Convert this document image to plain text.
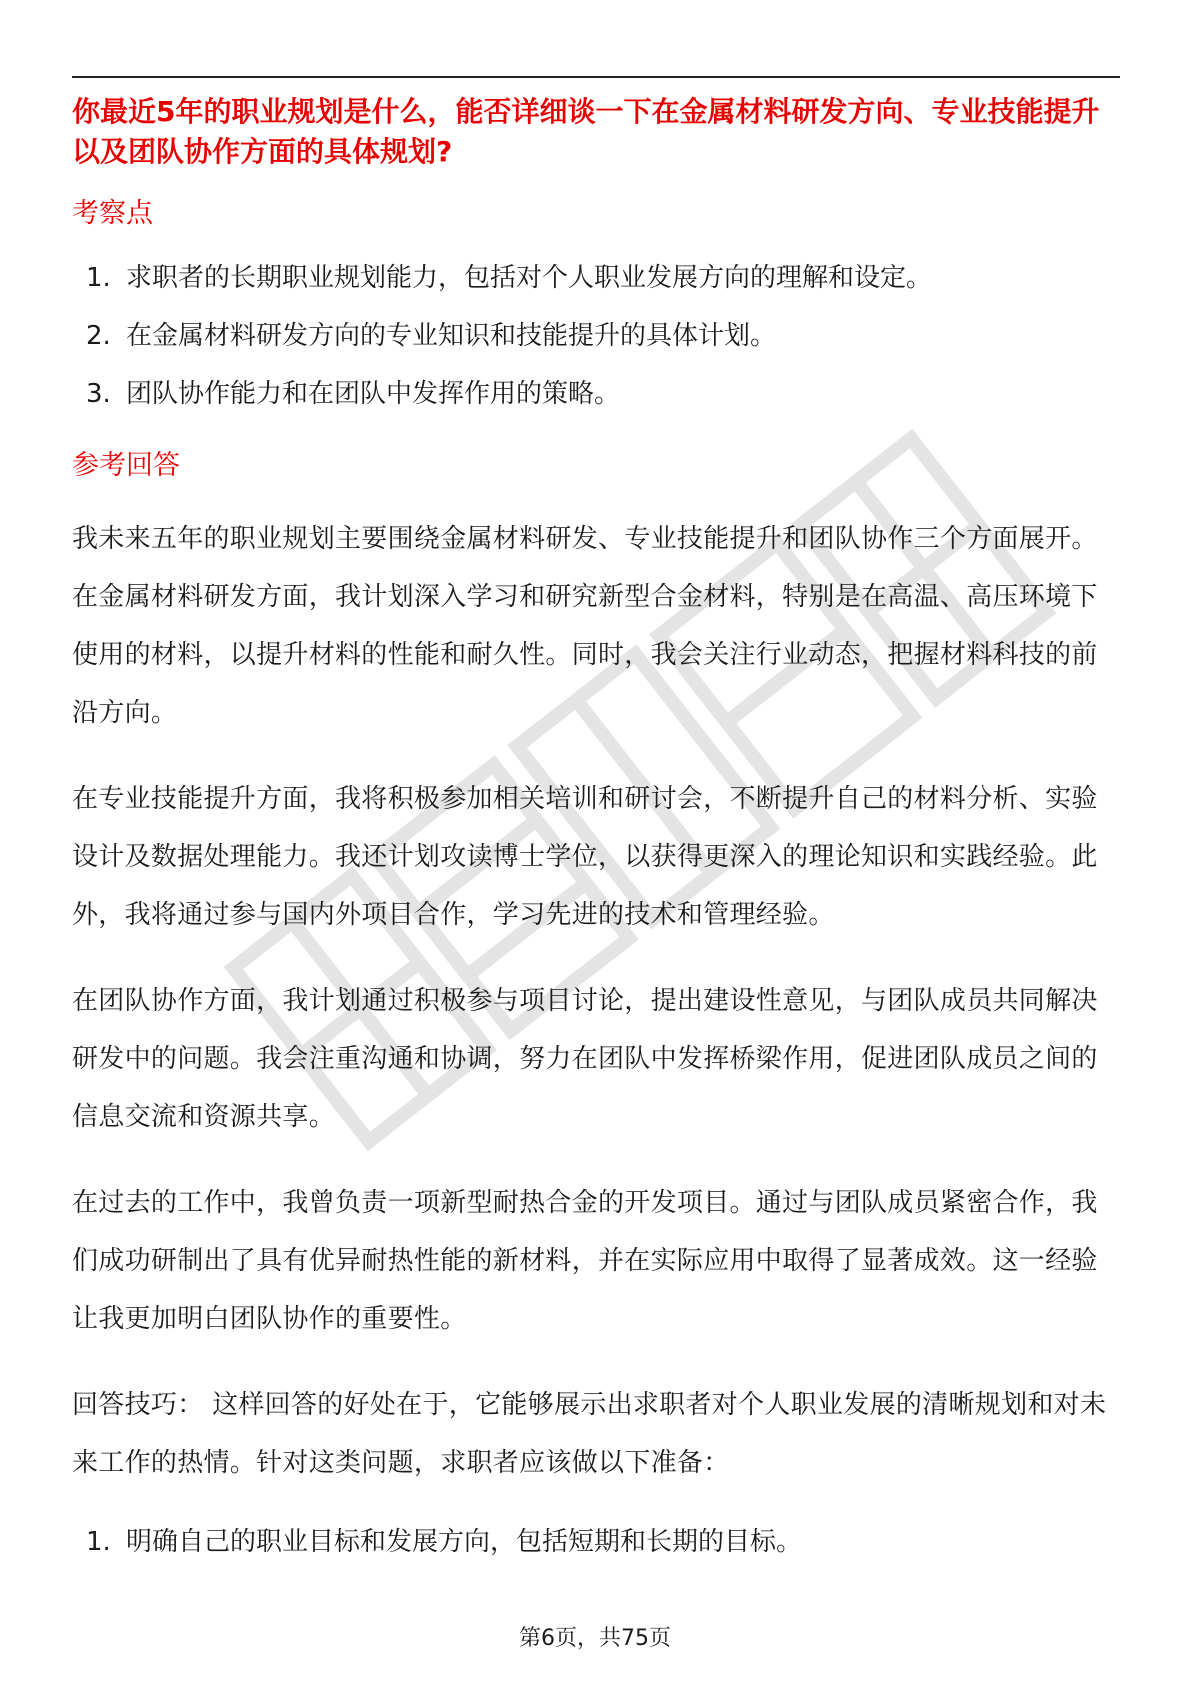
你最近5年的职业规划是什么，能否详细谈一下在金属材料研发方向、专业技能提升以及团队协作方面的具体规划?

考察点

1. 求职者的长期职业规划能力，包括对个人职业发展方向的理解和设定。
2. 在金属材料研发方向的专业知识和技能提升的具体计划。
3. 团队协作能力和在团队中发挥作用的策略。

参考回答

我未来五年的职业规划主要围绕金属材料研发、专业技能提升和团队协作三个方面展开。在金属材料研发方面，我计划深入学习和研究新型合金材料，特别是在高温、高压环境下使用的材料，以提升材料的性能和耐久性。同时，我会关注行业动态，把握材料科技的前沿方向。

在专业技能提升方面，我将积极参加相关培训和研讨会，不断提升自己的材料分析、实验设计及数据处理能力。我还计划攻读博士学位，以获得更深入的理论知识和实践经验。此外，我将通过参与国内外项目合作，学习先进的技术和管理经验。

在团队协作方面，我计划通过积极参与项目讨论，提出建设性意见，与团队成员共同解决研发中的问题。我会注重沟通和协调，努力在团队中发挥桥梁作用，促进团队成员之间的信息交流和资源共享。

在过去的工作中，我曾负责一项新型耐热合金的开发项目。通过与团队成员紧密合作，我们成功研制出了具有优异耐热性能的新材料，并在实际应用中取得了显著成效。这一经验让我更加明白团队协作的重要性。

回答技巧： 这样回答的好处在于，它能够展示出求职者对个人职业发展的清晰规划和对未来工作的热情。针对这类问题，求职者应该做以下准备：

1. 明确自己的职业目标和发展方向，包括短期和长期的目标。
第6页，共75页
